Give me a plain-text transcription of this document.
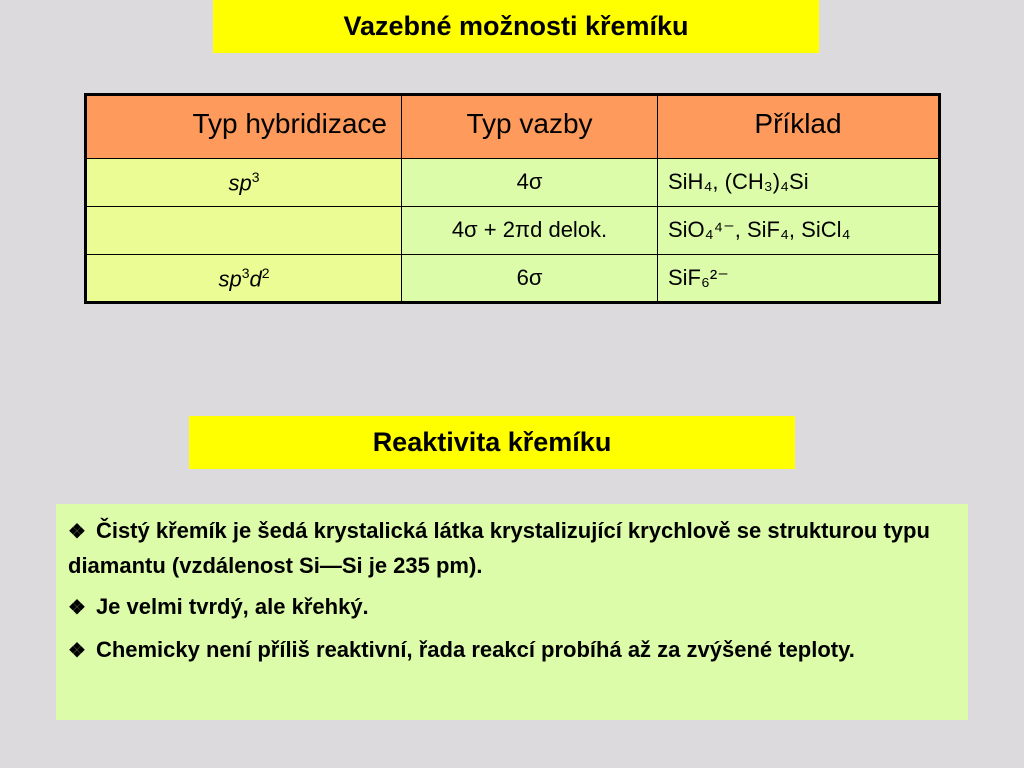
Vazebné možnosti křemíku
Typ hybridizace	Typ vazby	Příklad
$sp^3$	4σ	SiH₄, (CH₃)₄Si
	4σ + 2πd delok.	SiO₄⁴⁻, SiF₄, SiCl₄
$sp^3d^2$	6σ	SiF₆²⁻
Reaktivita křemíku
❖ Čistý křemík je šedá krystalická látka krystalizující krychlově se strukturou typu diamantu (vzdálenost Si—Si je 235 pm).
❖ Je velmi tvrdý, ale křehký.
❖ Chemicky není příliš reaktivní, řada reakcí probíhá až za zvýšené teploty.
